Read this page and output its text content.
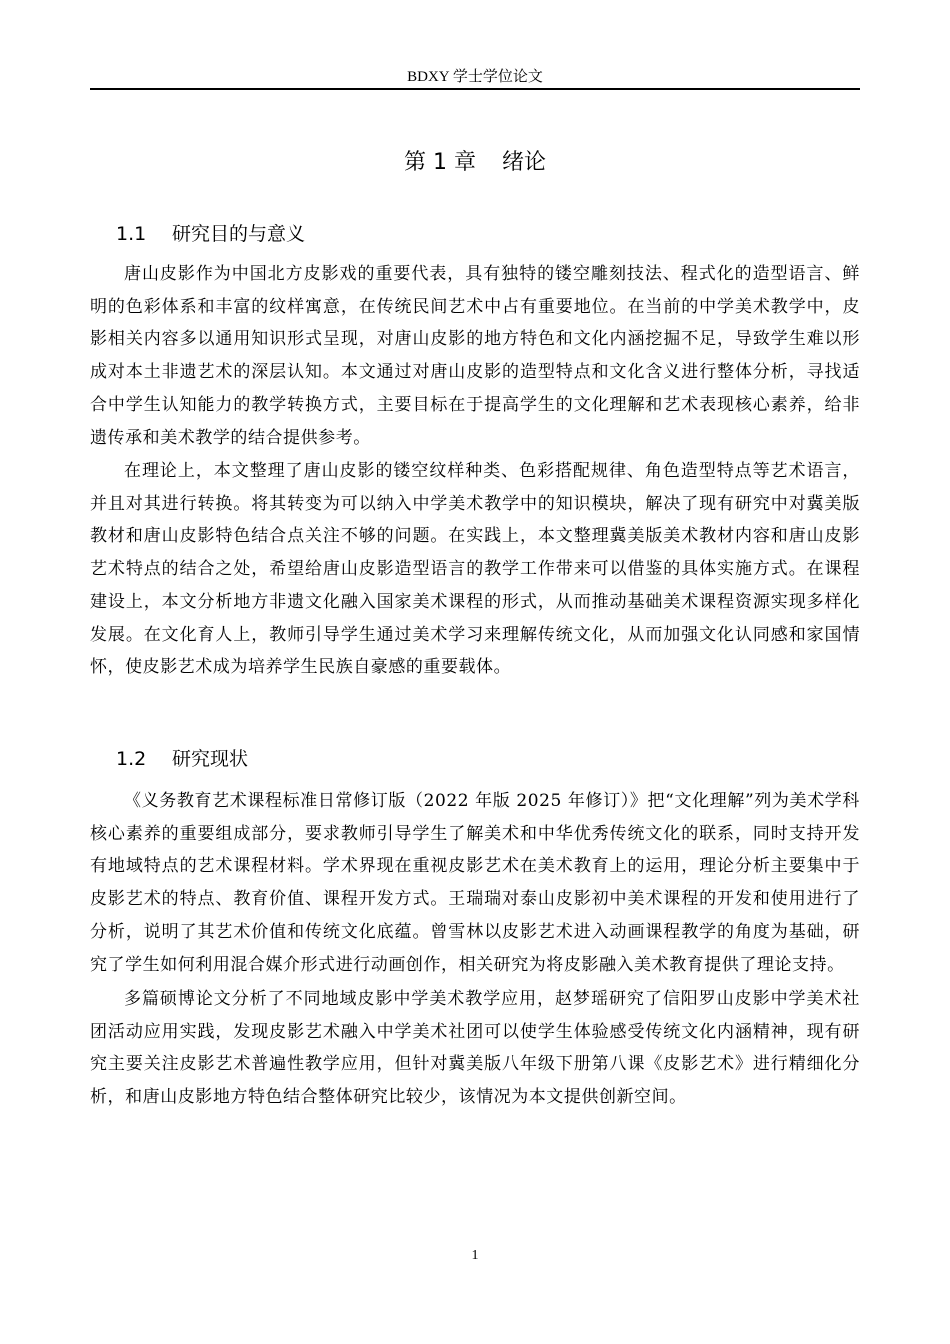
BDXY 学士学位论文
第 1 章 绪论
1.1 研究目的与意义

唐山皮影作为中国北方皮影戏的重要代表，具有独特的镂空雕刻技法、程式化的造型语言、鲜明的色彩体系和丰富的纹样寓意，在传统民间艺术中占有重要地位。在当前的中学美术教学中，皮影相关内容多以通用知识形式呈现，对唐山皮影的地方特色和文化内涵挖掘不足，导致学生难以形成对本土非遗艺术的深层认知。本文通过对唐山皮影的造型特点和文化含义进行整体分析，寻找适合中学生认知能力的教学转换方式，主要目标在于提高学生的文化理解和艺术表现核心素养，给非遗传承和美术教学的结合提供参考。

在理论上，本文整理了唐山皮影的镂空纹样种类、色彩搭配规律、角色造型特点等艺术语言，并且对其进行转换。将其转变为可以纳入中学美术教学中的知识模块，解决了现有研究中对冀美版教材和唐山皮影特色结合点关注不够的问题。在实践上，本文整理冀美版美术教材内容和唐山皮影艺术特点的结合之处，希望给唐山皮影造型语言的教学工作带来可以借鉴的具体实施方式。在课程建设上，本文分析地方非遗文化融入国家美术课程的形式，从而推动基础美术课程资源实现多样化发展。在文化育人上，教师引导学生通过美术学习来理解传统文化，从而加强文化认同感和家国情怀，使皮影艺术成为培养学生民族自豪感的重要载体。

1.2 研究现状

《义务教育艺术课程标准日常修订版（2022 年版 2025 年修订）》把“文化理解”列为美术学科核心素养的重要组成部分，要求教师引导学生了解美术和中华优秀传统文化的联系，同时支持开发有地域特点的艺术课程材料。学术界现在重视皮影艺术在美术教育上的运用，理论分析主要集中于皮影艺术的特点、教育价值、课程开发方式。王瑞瑞对泰山皮影初中美术课程的开发和使用进行了分析，说明了其艺术价值和传统文化底蕴。曾雪林以皮影艺术进入动画课程教学的角度为基础，研究了学生如何利用混合媒介形式进行动画创作，相关研究为将皮影融入美术教育提供了理论支持。

多篇硕博论文分析了不同地域皮影中学美术教学应用，赵梦瑶研究了信阳罗山皮影中学美术社团活动应用实践，发现皮影艺术融入中学美术社团可以使学生体验感受传统文化内涵精神，现有研究主要关注皮影艺术普遍性教学应用，但针对冀美版八年级下册第八课《皮影艺术》进行精细化分析，和唐山皮影地方特色结合整体研究比较少，该情况为本文提供创新空间。

1
